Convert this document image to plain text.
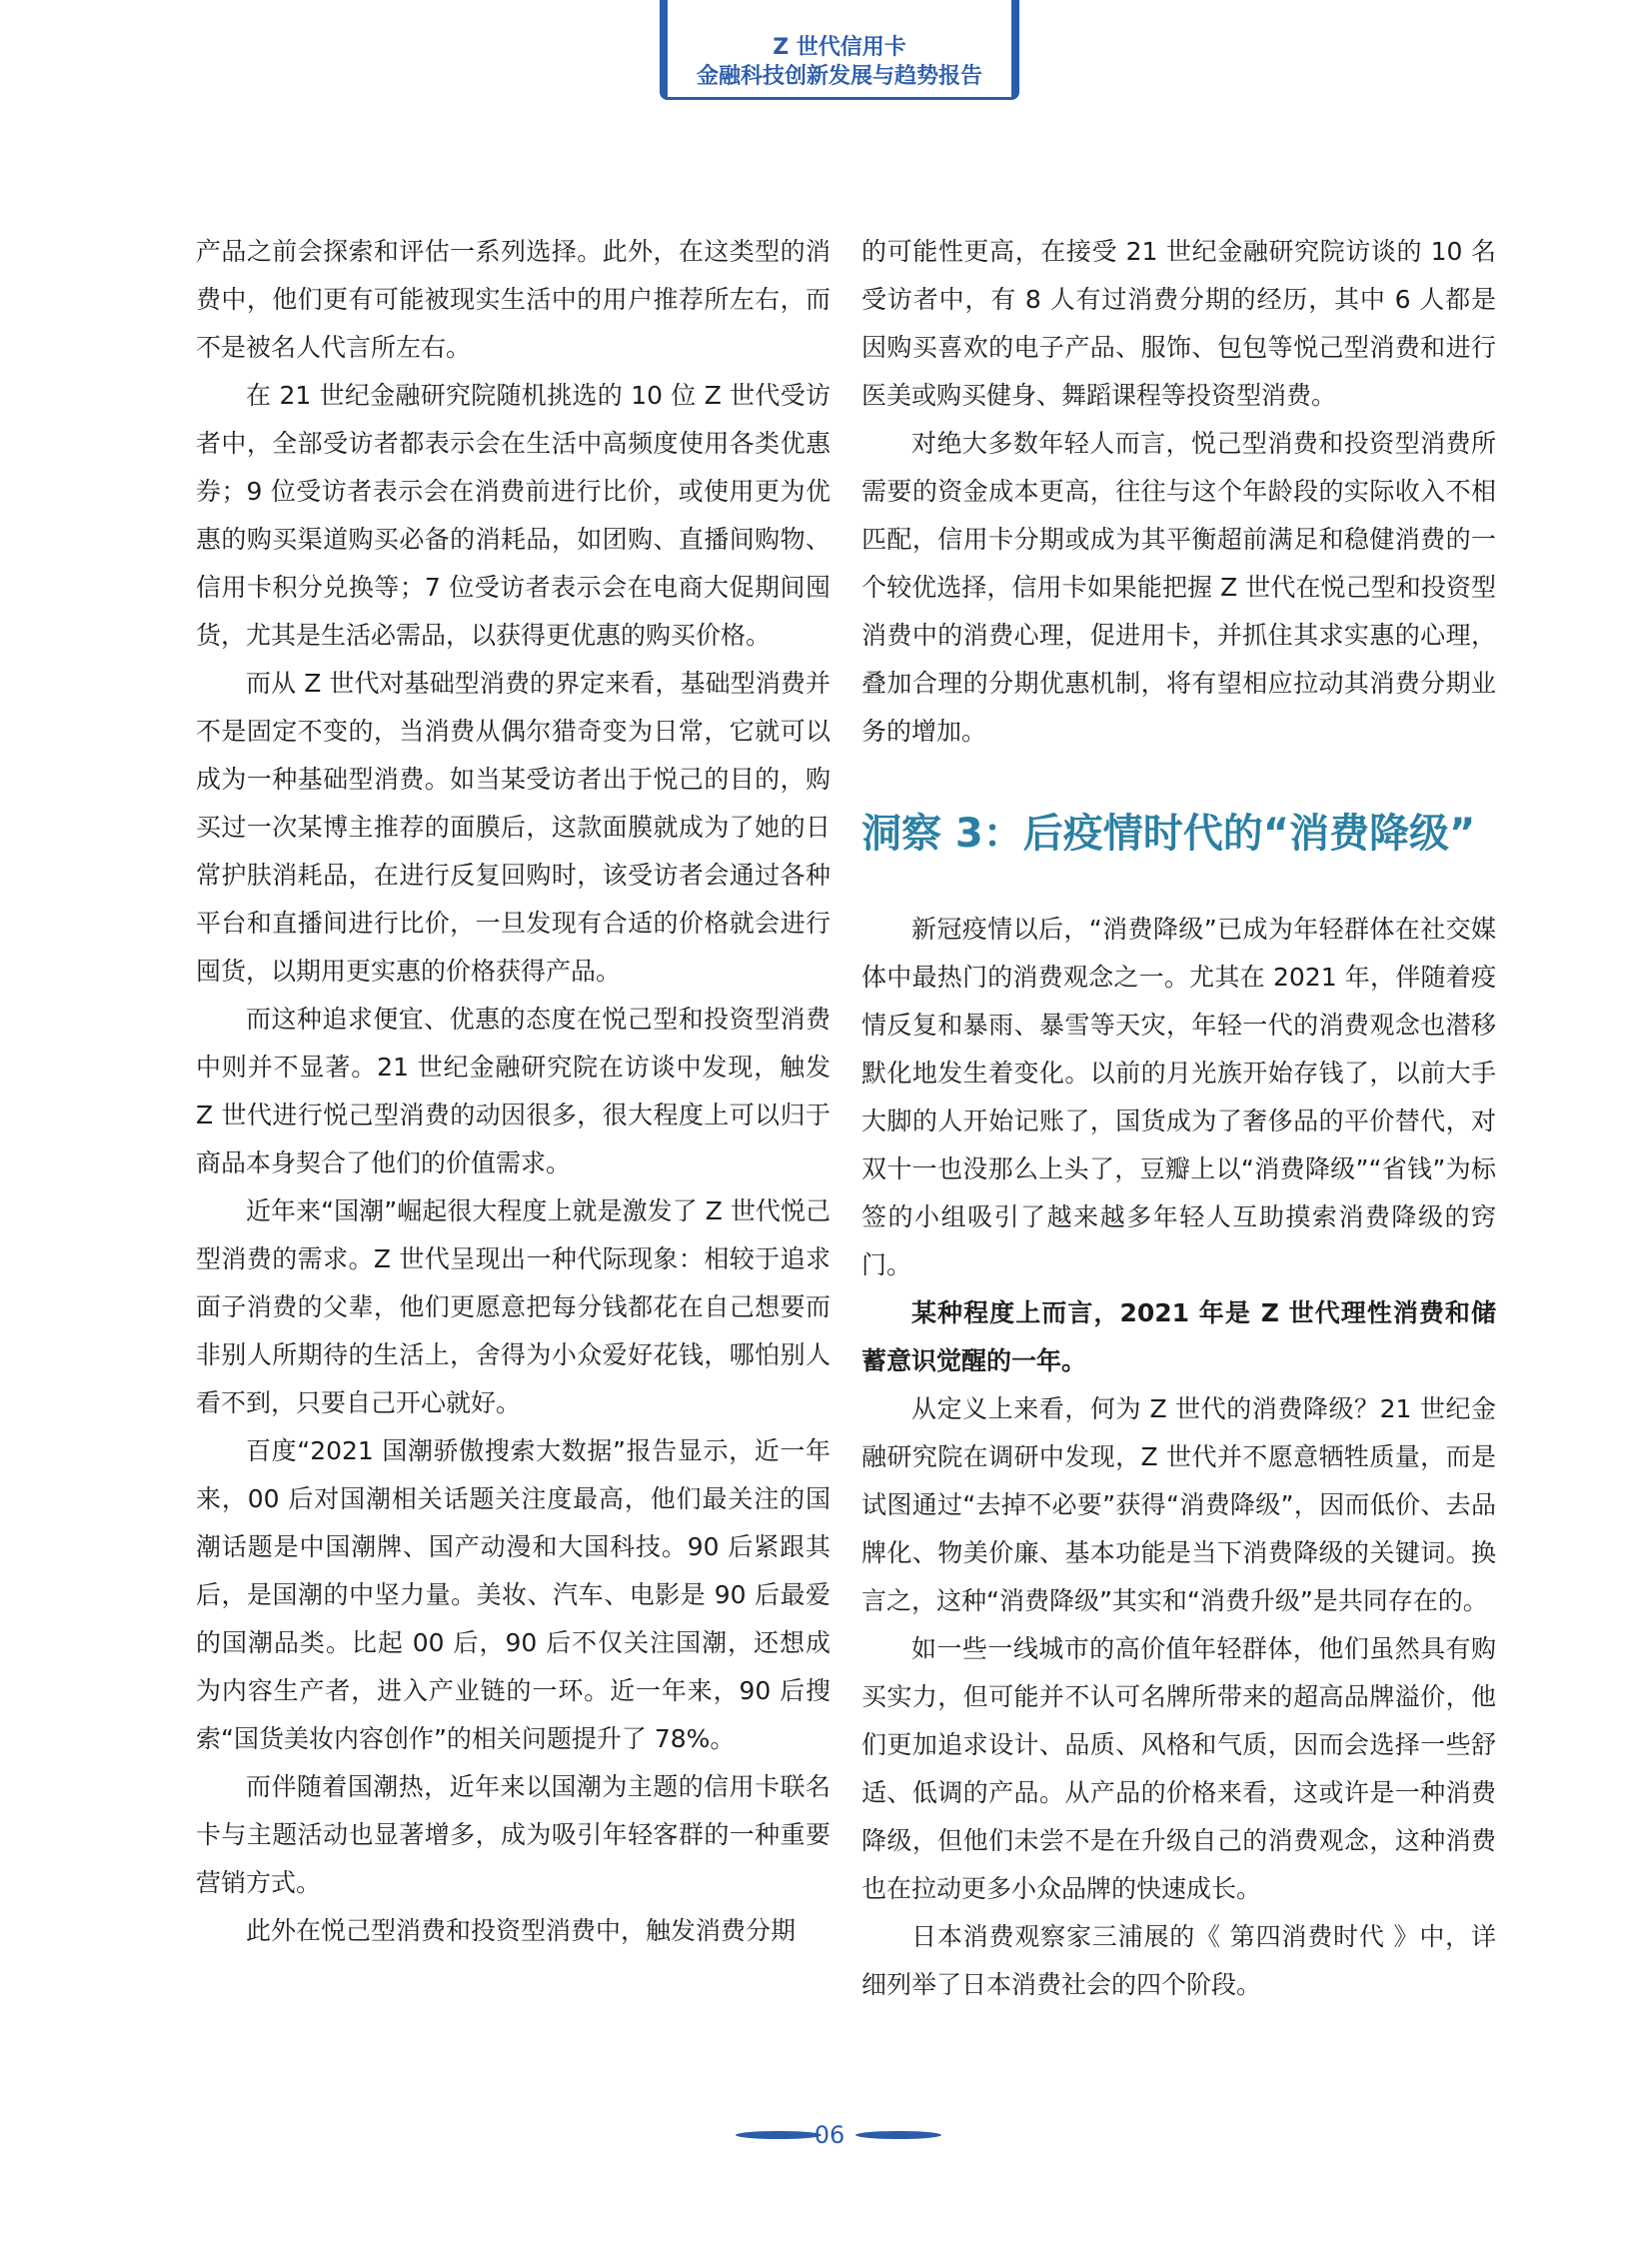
Z 世代信用卡
金融科技创新发展与趋势报告

产品之前会探索和评估一系列选择。此外，在这类型的消费中，他们更有可能被现实生活中的用户推荐所左右，而不是被名人代言所左右。

在 21 世纪金融研究院随机挑选的 10 位 Z 世代受访者中，全部受访者都表示会在生活中高频度使用各类优惠券；9 位受访者表示会在消费前进行比价，或使用更为优惠的购买渠道购买必备的消耗品，如团购、直播间购物、信用卡积分兑换等；7 位受访者表示会在电商大促期间囤货，尤其是生活必需品，以获得更优惠的购买价格。

而从 Z 世代对基础型消费的界定来看，基础型消费并不是固定不变的，当消费从偶尔猎奇变为日常，它就可以成为一种基础型消费。如当某受访者出于悦己的目的，购买过一次某博主推荐的面膜后，这款面膜就成为了她的日常护肤消耗品，在进行反复回购时，该受访者会通过各种平台和直播间进行比价，一旦发现有合适的价格就会进行囤货，以期用更实惠的价格获得产品。

而这种追求便宜、优惠的态度在悦己型和投资型消费中则并不显著。21 世纪金融研究院在访谈中发现，触发 Z 世代进行悦己型消费的动因很多，很大程度上可以归于商品本身契合了他们的价值需求。

近年来“国潮”崛起很大程度上就是激发了 Z 世代悦己型消费的需求。Z 世代呈现出一种代际现象：相较于追求面子消费的父辈，他们更愿意把每分钱都花在自己想要而非别人所期待的生活上，舍得为小众爱好花钱，哪怕别人看不到，只要自己开心就好。

百度“2021 国潮骄傲搜索大数据”报告显示，近一年来，00 后对国潮相关话题关注度最高，他们最关注的国潮话题是中国潮牌、国产动漫和大国科技。90 后紧跟其后，是国潮的中坚力量。美妆、汽车、电影是 90 后最爱的国潮品类。比起 00 后，90 后不仅关注国潮，还想成为内容生产者，进入产业链的一环。近一年来，90 后搜索“国货美妆内容创作”的相关问题提升了 78%。

而伴随着国潮热，近年来以国潮为主题的信用卡联名卡与主题活动也显著增多，成为吸引年轻客群的一种重要营销方式。

此外在悦己型消费和投资型消费中，触发消费分期

的可能性更高，在接受 21 世纪金融研究院访谈的 10 名受访者中，有 8 人有过消费分期的经历，其中 6 人都是因购买喜欢的电子产品、服饰、包包等悦己型消费和进行医美或购买健身、舞蹈课程等投资型消费。

对绝大多数年轻人而言，悦己型消费和投资型消费所需要的资金成本更高，往往与这个年龄段的实际收入不相匹配，信用卡分期或成为其平衡超前满足和稳健消费的一个较优选择，信用卡如果能把握 Z 世代在悦己型和投资型消费中的消费心理，促进用卡，并抓住其求实惠的心理，叠加合理的分期优惠机制，将有望相应拉动其消费分期业务的增加。

洞察 3：后疫情时代的“消费降级”

新冠疫情以后，“消费降级”已成为年轻群体在社交媒体中最热门的消费观念之一。尤其在 2021 年，伴随着疫情反复和暴雨、暴雪等天灾，年轻一代的消费观念也潜移默化地发生着变化。以前的月光族开始存钱了，以前大手大脚的人开始记账了，国货成为了奢侈品的平价替代，对双十一也没那么上头了，豆瓣上以“消费降级”“省钱”为标签的小组吸引了越来越多年轻人互助摸索消费降级的窍门。

某种程度上而言，2021 年是 Z 世代理性消费和储蓄意识觉醒的一年。

从定义上来看，何为 Z 世代的消费降级？21 世纪金融研究院在调研中发现，Z 世代并不愿意牺牲质量，而是试图通过“去掉不必要”获得“消费降级”，因而低价、去品牌化、物美价廉、基本功能是当下消费降级的关键词。换言之，这种“消费降级”其实和“消费升级”是共同存在的。

如一些一线城市的高价值年轻群体，他们虽然具有购买实力，但可能并不认可名牌所带来的超高品牌溢价，他们更加追求设计、品质、风格和气质，因而会选择一些舒适、低调的产品。从产品的价格来看，这或许是一种消费降级，但他们未尝不是在升级自己的消费观念，这种消费也在拉动更多小众品牌的快速成长。

日本消费观察家三浦展的《 第四消费时代 》中，详细列举了日本消费社会的四个阶段。

06
